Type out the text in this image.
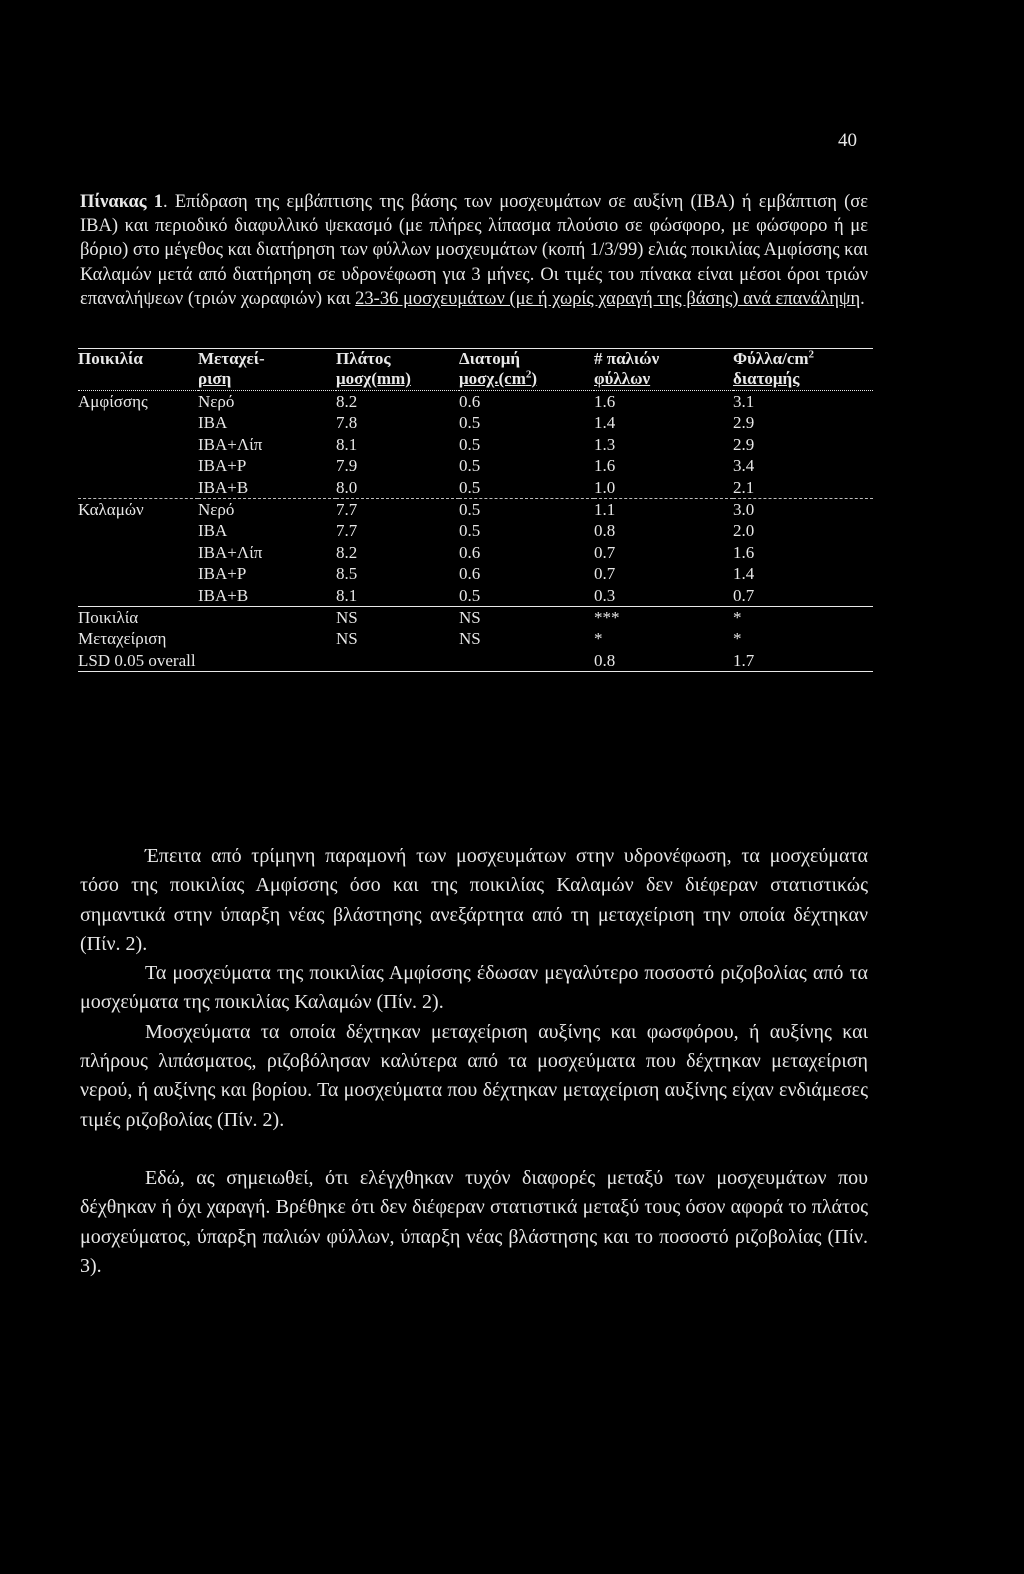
40
Πίνακας 1. Επίδραση της εμβάπτισης της βάσης των μοσχευμάτων σε αυξίνη (IBA) ή εμβάπτιση (σε IBA) και περιοδικό διαφυλλικό ψεκασμό (με πλήρες λίπασμα πλούσιο σε φώσφορο, με φώσφορο ή με βόριο) στο μέγεθος και διατήρηση των φύλλων μοσχευμάτων (κοπή 1/3/99) ελιάς ποικιλίας Αμφίσσης και Καλαμών μετά από διατήρηση σε υδρονέφωση για 3 μήνες. Οι τιμές του πίνακα είναι μέσοι όροι τριών επαναλήψεων (τριών χωραφιών) και 23-36 μοσχευμάτων (με ή χωρίς χαραγή της βάσης) ανά επανάληψη.
Ποικιλία	Μεταχεί-	Πλάτος	Διατομή	# παλιών	Φύλλα/$cm^2$
	ριση	μοσχ(mm)	$\mu o\sigma\chi.(cm^2)$	φύλλων	διατομής
Αμφίσσης	Νερό	8.2	0.6	1.6	3.1
	IBA	7.8	0.5	1.4	2.9
	IBA+Λίπ	8.1	0.5	1.3	2.9
	IBA+P	7.9	0.5	1.6	3.4
	IBA+B	8.0	0.5	1.0	2.1
Καλαμών	Νερό	7.7	0.5	1.1	3.0
	IBA	7.7	0.5	0.8	2.0
	IBA+Λίπ	8.2	0.6	0.7	1.6
	IBA+P	8.5	0.6	0.7	1.4
	IBA+B	8.1	0.5	0.3	0.7
Ποικιλία		NS	NS	***	*
Μεταχείριση		NS	NS	*	*
LSD 0.05 overall				0.8	1.7

Έπειτα από τρίμηνη παραμονή των μοσχευμάτων στην υδρονέφωση, τα μοσχεύματα τόσο της ποικιλίας Αμφίσσης όσο και της ποικιλίας Καλαμών δεν διέφεραν στατιστικώς σημαντικά στην ύπαρξη νέας βλάστησης ανεξάρτητα από τη μεταχείριση την οποία δέχτηκαν (Πίν. 2).

Τα μοσχεύματα της ποικιλίας Αμφίσσης έδωσαν μεγαλύτερο ποσοστό ριζοβολίας από τα μοσχεύματα της ποικιλίας Καλαμών (Πίν. 2).

Μοσχεύματα τα οποία δέχτηκαν μεταχείριση αυξίνης και φωσφόρου, ή αυξίνης και πλήρους λιπάσματος, ριζοβόλησαν καλύτερα από τα μοσχεύματα που δέχτηκαν μεταχείριση νερού, ή αυξίνης και βορίου. Τα μοσχεύματα που δέχτηκαν μεταχείριση αυξίνης είχαν ενδιάμεσες τιμές ριζοβολίας (Πίν. 2).

Εδώ, ας σημειωθεί, ότι ελέγχθηκαν τυχόν διαφορές μεταξύ των μοσχευμάτων που δέχθηκαν ή όχι χαραγή. Βρέθηκε ότι δεν διέφεραν στατιστικά μεταξύ τους όσον αφορά το πλάτος μοσχεύματος, ύπαρξη παλιών φύλλων, ύπαρξη νέας βλάστησης και το ποσοστό ριζοβολίας (Πίν. 3).
